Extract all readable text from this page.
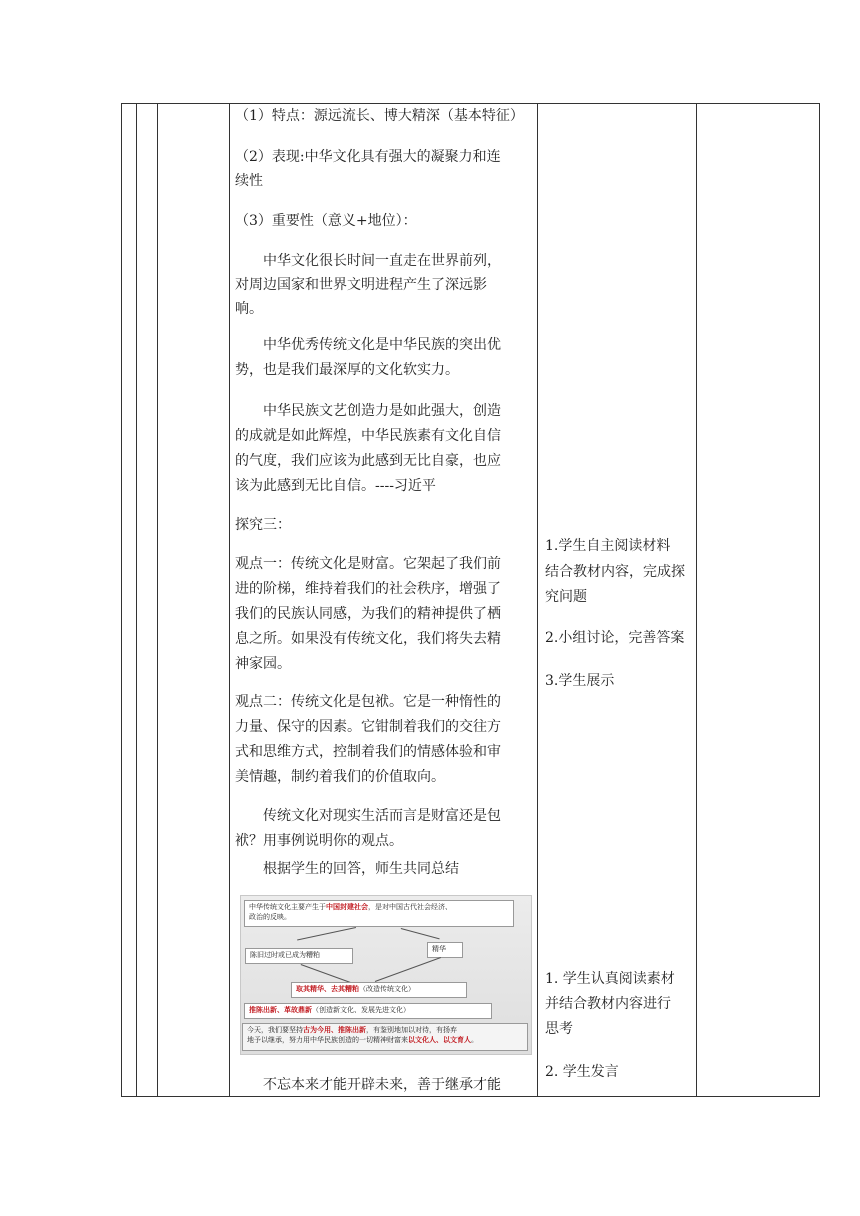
（1）特点：源远流长、博大精深（基本特征）

（2）表现:中华文化具有强大的凝聚力和连

续性

（3）重要性（意义+地位）：

中华文化很长时间一直走在世界前列，

对周边国家和世界文明进程产生了深远影

响。

中华优秀传统文化是中华民族的突出优

势，也是我们最深厚的文化软实力。

中华民族文艺创造力是如此强大，创造

的成就是如此辉煌，中华民族素有文化自信

的气度，我们应该为此感到无比自豪，也应

该为此感到无比自信。----习近平

探究三：

观点一：传统文化是财富。它架起了我们前

进的阶梯，维持着我们的社会秩序，增强了

我们的民族认同感，为我们的精神提供了栖

息之所。如果没有传统文化，我们将失去精

神家园。

观点二：传统文化是包袱。它是一种惰性的

力量、保守的因素。它钳制着我们的交往方

式和思维方式，控制着我们的情感体验和审

美情趣，制约着我们的价值取向。

传统文化对现实生活而言是财富还是包

袱？用事例说明你的观点。

根据学生的回答，师生共同总结

中华传统文化主要产生于中国封建社会，是对中国古代社会经济、
政治的反映。
精华
陈旧过时或已成为糟粕
取其精华、去其糟粕（改造传统文化）
推陈出新、革故鼎新（创造新文化、发展先进文化）
今天，我们要坚持古为今用、推陈出新，有鉴别地加以对待，有扬弃
地予以继承，努力用中华民族创造的一切精神财富来以文化人、以文育人。

不忘本来才能开辟未来，善于继承才能

1.学生自主阅读材料

结合教材内容，完成探

究问题

2.小组讨论，完善答案

3.学生展示

1. 学生认真阅读素材

并结合教材内容进行

思考

2. 学生发言
